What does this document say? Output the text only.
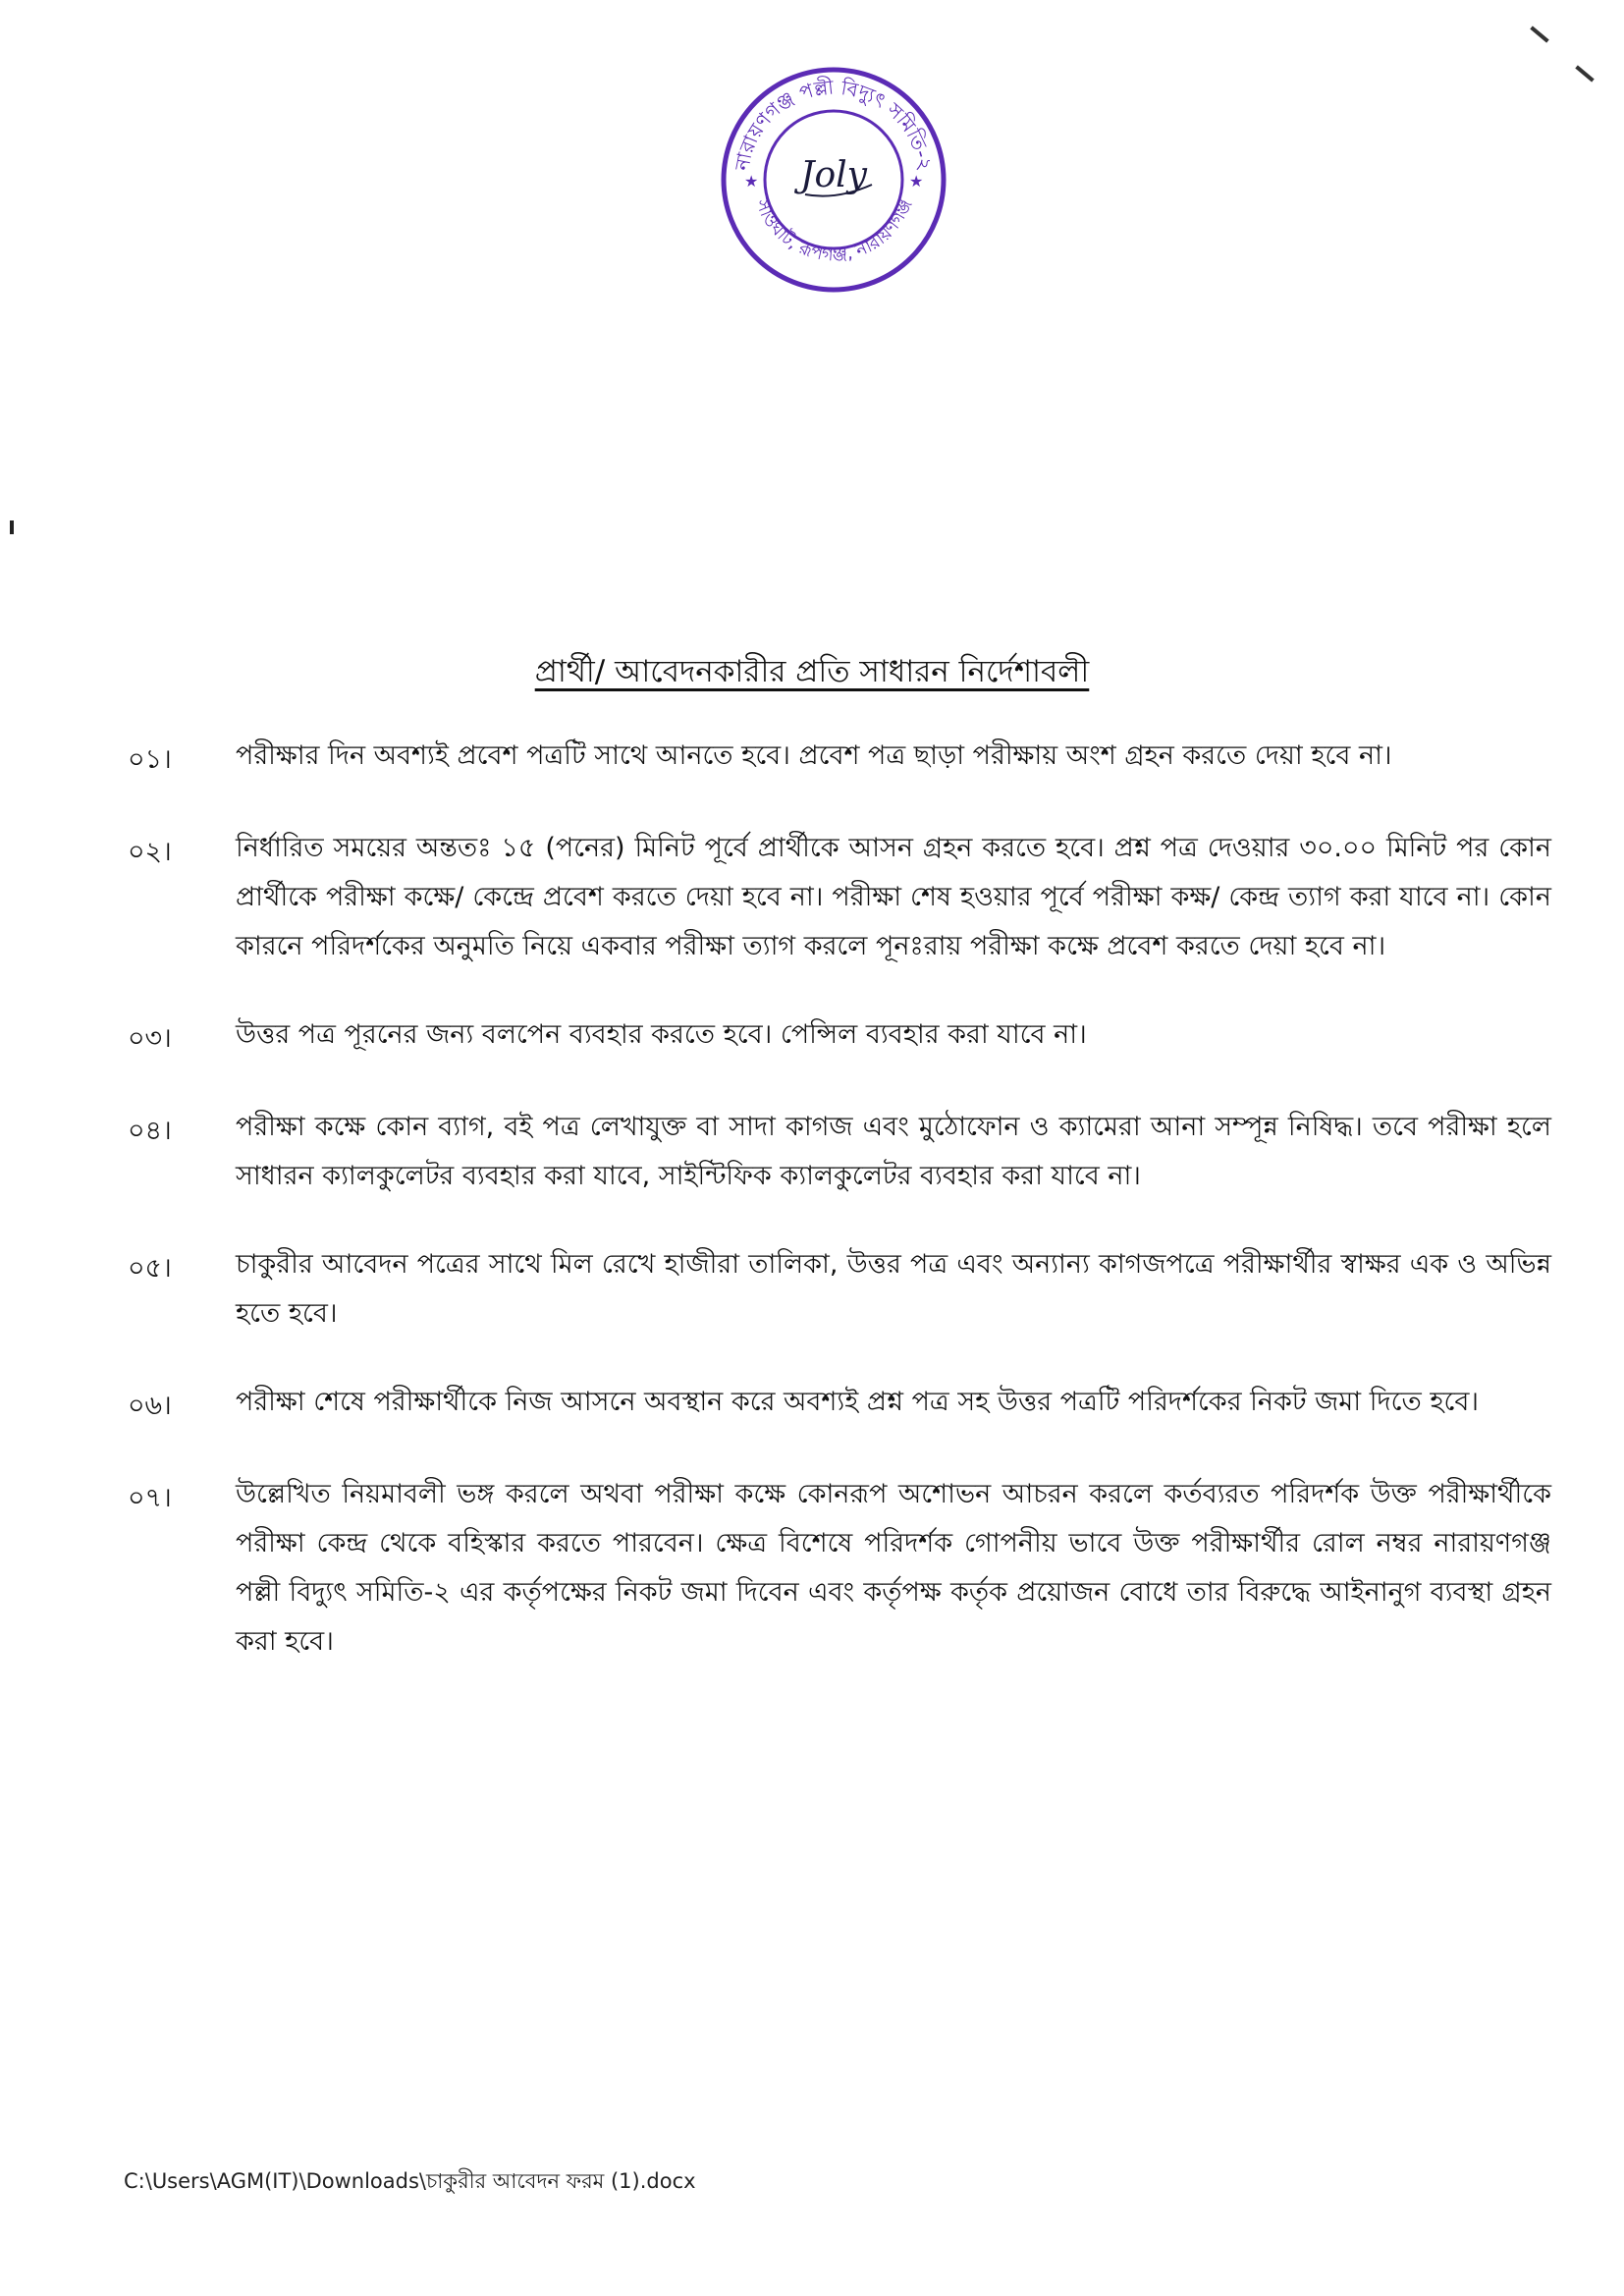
নারায়ণগঞ্জ পল্লী বিদ্যুৎ সমিতি-২
সাওঘাট, রূপগঞ্জ, নারায়ণগঞ্জ
★	★
Joly
প্রার্থী/ আবেদনকারীর প্রতি সাধারন নির্দেশাবলী
০১।	পরীক্ষার দিন অবশ্যই প্রবেশ পত্রটি সাথে আনতে হবে। প্রবেশ পত্র ছাড়া পরীক্ষায় অংশ গ্রহন করতে দেয়া হবে না।
০২।	নির্ধারিত সময়ের অন্ততঃ ১৫ (পনের) মিনিট পূর্বে প্রার্থীকে আসন গ্রহন করতে হবে। প্রশ্ন পত্র দেওয়ার ৩০.০০ মিনিট পর কোন প্রার্থীকে পরীক্ষা কক্ষে/ কেন্দ্রে প্রবেশ করতে দেয়া হবে না। পরীক্ষা শেষ হওয়ার পূর্বে পরীক্ষা কক্ষ/ কেন্দ্র ত্যাগ করা যাবে না। কোন কারনে পরিদর্শকের অনুমতি নিয়ে একবার পরীক্ষা ত্যাগ করলে পূনঃরায় পরীক্ষা কক্ষে প্রবেশ করতে দেয়া হবে না।
০৩।	উত্তর পত্র পূরনের জন্য বলপেন ব্যবহার করতে হবে। পেন্সিল ব্যবহার করা যাবে না।
০৪।	পরীক্ষা কক্ষে কোন ব্যাগ, বই পত্র লেখাযুক্ত বা সাদা কাগজ এবং মুঠোফোন ও ক্যামেরা আনা সম্পূন্ন নিষিদ্ধ। তবে পরীক্ষা হলে সাধারন ক্যালকুলেটর ব্যবহার করা যাবে, সাইন্টিফিক ক্যালকুলেটর ব্যবহার করা যাবে না।
০৫।	চাকুরীর আবেদন পত্রের সাথে মিল রেখে হাজীরা তালিকা, উত্তর পত্র এবং অন্যান্য কাগজপত্রে পরীক্ষার্থীর স্বাক্ষর এক ও অভিন্ন হতে হবে।
০৬।	পরীক্ষা শেষে পরীক্ষার্থীকে নিজ আসনে অবস্থান করে অবশ্যই প্রশ্ন পত্র সহ উত্তর পত্রটি পরিদর্শকের নিকট জমা দিতে হবে।
০৭।	উল্লেখিত নিয়মাবলী ভঙ্গ করলে অথবা পরীক্ষা কক্ষে কোনরূপ অশোভন আচরন করলে কর্তব্যরত পরিদর্শক উক্ত পরীক্ষার্থীকে পরীক্ষা কেন্দ্র থেকে বহিস্কার করতে পারবেন। ক্ষেত্র বিশেষে পরিদর্শক গোপনীয় ভাবে উক্ত পরীক্ষার্থীর রোল নম্বর নারায়ণগঞ্জ পল্লী বিদ্যুৎ সমিতি-২ এর কর্তৃপক্ষের নিকট জমা দিবেন এবং কর্তৃপক্ষ কর্তৃক প্রয়োজন বোধে তার বিরুদ্ধে আইনানুগ ব্যবস্থা গ্রহন করা হবে।
C:\Users\AGM(IT)\Downloads\চাকুরীর আবেদন ফরম (1).docx
